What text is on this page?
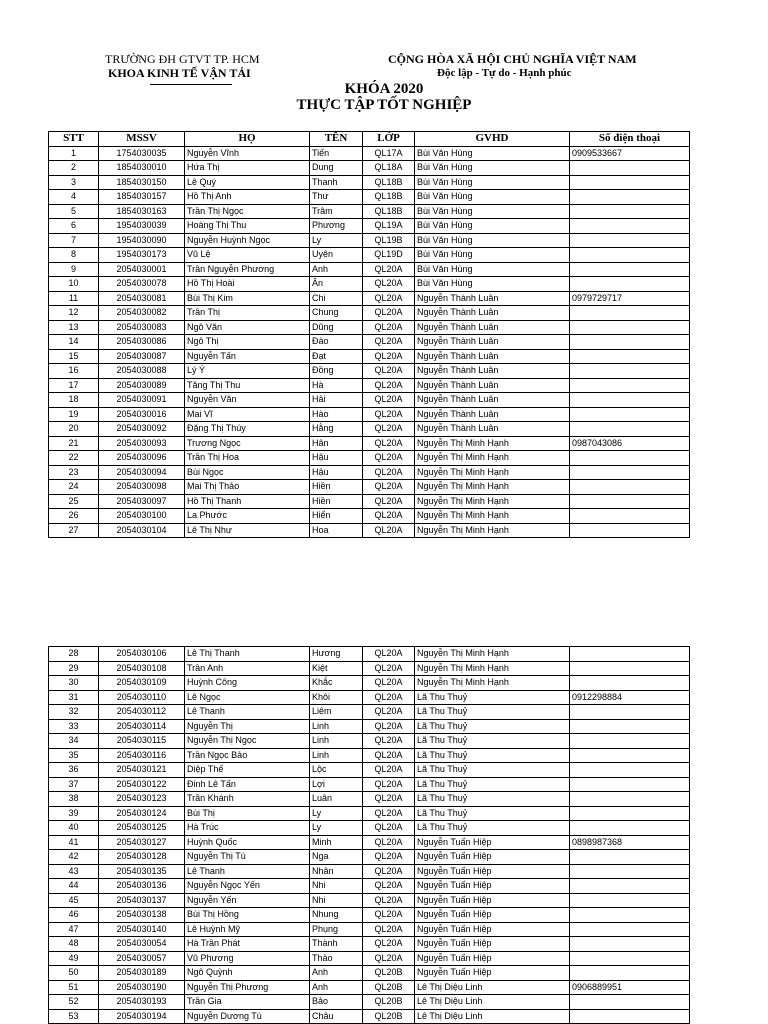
TRƯỜNG ĐH GTVT TP. HCM
KHOA KINH TẾ VẬN TẢI
CỘNG HÒA XÃ HỘI CHỦ NGHĨA VIỆT NAM
Độc lập - Tự do - Hạnh phúc
KHÓA 2020
THỰC TẬP TỐT NGHIỆP
STT	MSSV	HỌ	TÊN	LỚP	GVHD	Số điện thoại
1	1754030035	Nguyễn Vĩnh	Tiến	QL17A	Bùi Văn Hùng	0909533667
2	1854030010	Hứa Thị	Dung	QL18A	Bùi Văn Hùng	
3	1854030150	Lê Quý	Thanh	QL18B	Bùi Văn Hùng	
4	1854030157	Hồ Thị Anh	Thư	QL18B	Bùi Văn Hùng	
5	1854030163	Trần Thị Ngọc	Trâm	QL18B	Bùi Văn Hùng	
6	1954030039	Hoàng Thị Thu	Phương	QL19A	Bùi Văn Hùng	
7	1954030090	Nguyễn Huỳnh Ngọc	Ly	QL19B	Bùi Văn Hùng	
8	1954030173	Vũ Lệ	Uyên	QL19D	Bùi Văn Hùng	
9	2054030001	Trần Nguyễn Phương	Anh	QL20A	Bùi Văn Hùng	
10	2054030078	Hồ Thị Hoài	Ân	QL20A	Bùi Văn Hùng	
11	2054030081	Bùi Thị Kim	Chi	QL20A	Nguyễn Thành Luân	0979729717
12	2054030082	Trần Thị	Chung	QL20A	Nguyễn Thành Luân	
13	2054030083	Ngô Văn	Dũng	QL20A	Nguyễn Thành Luân	
14	2054030086	Ngô Thị	Đào	QL20A	Nguyễn Thành Luân	
15	2054030087	Nguyễn Tấn	Đạt	QL20A	Nguyễn Thành Luân	
16	2054030088	Lý Ý	Đồng	QL20A	Nguyễn Thành Luân	
17	2054030089	Tăng Thị Thu	Hà	QL20A	Nguyễn Thành Luân	
18	2054030091	Nguyễn Văn	Hải	QL20A	Nguyễn Thành Luân	
19	2054030016	Mai Vĩ	Hào	QL20A	Nguyễn Thành Luân	
20	2054030092	Đặng Thị Thúy	Hằng	QL20A	Nguyễn Thành Luân	
21	2054030093	Trương Ngọc	Hân	QL20A	Nguyễn Thị Minh Hạnh	0987043086
22	2054030096	Trần Thị Hoa	Hậu	QL20A	Nguyễn Thị Minh Hạnh	
23	2054030094	Bùi Ngọc	Hậu	QL20A	Nguyễn Thị Minh Hạnh	
24	2054030098	Mai Thị Thảo	Hiền	QL20A	Nguyễn Thị Minh Hạnh	
25	2054030097	Hồ Thị Thanh	Hiền	QL20A	Nguyễn Thị Minh Hạnh	
26	2054030100	La Phước	Hiển	QL20A	Nguyễn Thị Minh Hạnh	
27	2054030104	Lê Thị Như	Hoa	QL20A	Nguyễn Thị Minh Hạnh	
28	2054030106	Lê Thị Thanh	Hương	QL20A	Nguyễn Thị Minh Hạnh	
29	2054030108	Trần Anh	Kiệt	QL20A	Nguyễn Thị Minh Hạnh	
30	2054030109	Huỳnh Công	Khắc	QL20A	Nguyễn Thị Minh Hạnh	
31	2054030110	Lê Ngọc	Khôi	QL20A	Lã Thu Thuỷ	0912298884
32	2054030112	Lê Thanh	Liêm	QL20A	Lã Thu Thuỷ	
33	2054030114	Nguyễn Thị	Linh	QL20A	Lã Thu Thuỷ	
34	2054030115	Nguyễn Thị Ngọc	Linh	QL20A	Lã Thu Thuỷ	
35	2054030116	Trần Ngọc Bảo	Linh	QL20A	Lã Thu Thuỷ	
36	2054030121	Diệp Thế	Lộc	QL20A	Lã Thu Thuỷ	
37	2054030122	Đinh Lê Tấn	Lợi	QL20A	Lã Thu Thuỷ	
38	2054030123	Trần Khánh	Luân	QL20A	Lã Thu Thuỷ	
39	2054030124	Bùi Thị	Ly	QL20A	Lã Thu Thuỷ	
40	2054030125	Hà Trúc	Ly	QL20A	Lã Thu Thuỷ	
41	2054030127	Huỳnh Quốc	Minh	QL20A	Nguyễn Tuấn Hiệp	0898987368
42	2054030128	Nguyễn Thị Tú	Nga	QL20A	Nguyễn Tuấn Hiệp	
43	2054030135	Lê Thanh	Nhân	QL20A	Nguyễn Tuấn Hiệp	
44	2054030136	Nguyễn Ngọc Yến	Nhi	QL20A	Nguyễn Tuấn Hiệp	
45	2054030137	Nguyễn Yến	Nhi	QL20A	Nguyễn Tuấn Hiệp	
46	2054030138	Bùi Thị Hồng	Nhung	QL20A	Nguyễn Tuấn Hiệp	
47	2054030140	Lê Huỳnh Mỹ	Phụng	QL20A	Nguyễn Tuấn Hiệp	
48	2054030054	Hà Trần Phát	Thành	QL20A	Nguyễn Tuấn Hiệp	
49	2054030057	Vũ Phương	Thảo	QL20A	Nguyễn Tuấn Hiệp	
50	2054030189	Ngô Quỳnh	Anh	QL20B	Nguyễn Tuấn Hiệp	
51	2054030190	Nguyễn Thị Phương	Anh	QL20B	Lê Thị Diệu Linh	0906889951
52	2054030193	Trần Gia	Bảo	QL20B	Lê Thị Diệu Linh	
53	2054030194	Nguyễn Dương Tú	Châu	QL20B	Lê Thị Diệu Linh	
